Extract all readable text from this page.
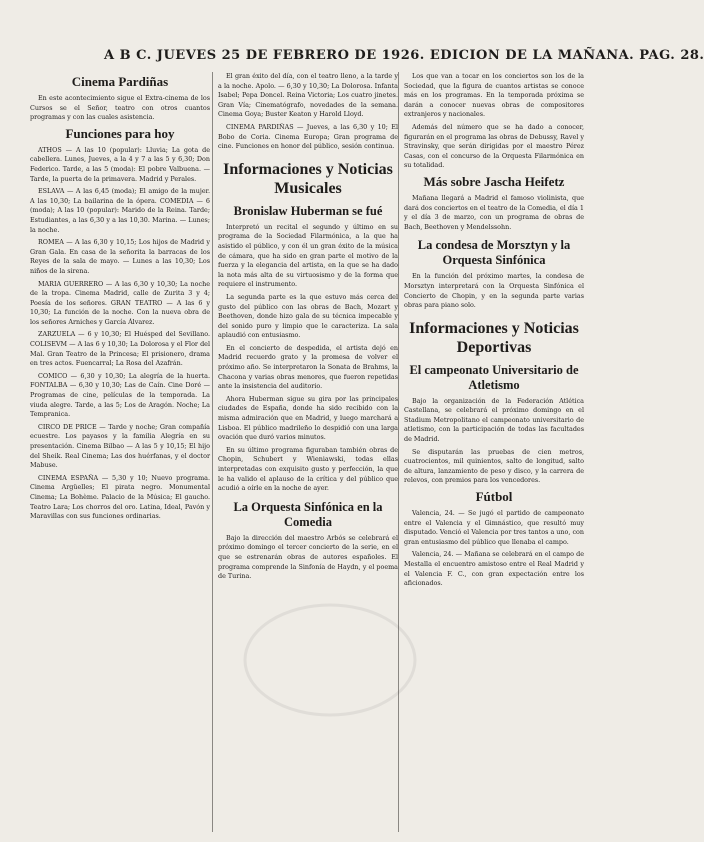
A B C. JUEVES 25 DE FEBRERO DE 1926. EDICION DE LA MAÑANA. PAG. 28.
Cinema Pardiñas
En este acontecimiento sigue el Extra-cinema de los Cursos se el Señor, teatro con otros cuantos programas y con las cuales asistencia.
Funciones para hoy
ATHOS — A las 10 (popular): Lluvia; La gota de cabellera. Lunes, Jueves, a la 4 y 7 a las 5 y 6,30; Don Federico. Tarde, a las 5 (moda): El pobre Valbuena. — Tarde, la puerta de la primavera. Madrid y Perales.
ESLAVA — A las 6,45 (moda); El amigo de la mujer. A las 10,30; La bailarina de la ópera. COMEDIA — 6 (moda); A las 10 (popular): Marido de la Reina. Tarde; Estudiantes, a las 6,30 y a las 10,30. Marina. — Lunes; la noche.
ROMEA — A las 6,30 y 10,15; Los hijos de Madrid y Gran Gala. En casa de la señorita la barracas de los Reyes de la sala de mayo. — Lunes a las 10,30; Los niños de la sirena.
MARIA GUERRERO — A las 6,30 y 10,30; La noche de la tropa. Cinema Madrid, calle de Zurita 3 y 4; Poesía de los señores. GRAN TEATRO — A las 6 y 10,30; La función de la noche. Con la nueva obra de los señores Arniches y García Álvarez.
ZARZUELA — 6 y 10,30; El Huésped del Sevillano. COLISEVM — A las 6 y 10,30; La Dolorosa y el Flor del Mal. Gran Teatro de la Princesa; El prisionero, drama en tres actos. Fuencarral; La Rosa del Azafrán.
COMICO — 6,30 y 10,30; La alegría de la huerta. FONTALBA — 6,30 y 10,30; Las de Caín. Cine Doré — Programas de cine, películas de la temporada. La viuda alegre. Tarde, a las 5; Los de Aragón. Noche; La Tempranica.
CIRCO DE PRICE — Tarde y noche; Gran compañía ecuestre. Los payasos y la familia Alegría en su presentación. Cinema Bilbao — A las 5 y 10,15; El hijo del Sheik. Real Cinema; Las dos huérfanas, y el doctor Mabuse.
CINEMA ESPAÑA — 5,30 y 10; Nuevo programa. Cinema Argüelles; El pirata negro. Monumental Cinema; La Bohème. Palacio de la Música; El gaucho. Teatro Lara; Los chorros del oro. Latina, Ideal, Pavón y Maravillas con sus funciones ordinarias.
El gran éxito del día, con el teatro lleno, a la tarde y a la noche. Apolo. — 6,30 y 10,30; La Dolorosa. Infanta Isabel; Pepa Doncel. Reina Victoria; Los cuatro jinetes. Gran Vía; Cinematógrafo, novedades de la semana. Cinema Goya; Buster Keaton y Harold Lloyd.
CINEMA PARDIÑAS — Jueves, a las 6,30 y 10; El Bobo de Coria. Cinema Europa; Gran programa de cine. Funciones en honor del público, sesión continua.
Informaciones y Noticias Musicales
Bronislaw Huberman se fué
Interpretó un recital el segundo y último en su programa de la Sociedad Filarmónica, a la que ha asistido el público, y con él un gran éxito de la música de cámara, que ha sido en gran parte el motivo de la fuerza y la elegancia del artista, en la que se ha dado la nota más alta de su virtuosismo y de la forma que requiere el instrumento.
La segunda parte es la que estuvo más cerca del gusto del público con las obras de Bach, Mozart y Beethoven, donde hizo gala de su técnica impecable y del sonido puro y limpio que le caracteriza. La sala aplaudió con entusiasmo.
En el concierto de despedida, el artista dejó en Madrid recuerdo grato y la promesa de volver el próximo año. Se interpretaron la Sonata de Brahms, la Chacona y varias obras menores, que fueron repetidas ante la insistencia del auditorio.
Ahora Huberman sigue su gira por las principales ciudades de España, donde ha sido recibido con la misma admiración que en Madrid, y luego marchará a Lisboa. El público madrileño lo despidió con una larga ovación que duró varios minutos.
En su último programa figuraban también obras de Chopin, Schubert y Wieniawski, todas ellas interpretadas con exquisito gusto y perfección, la que le ha valido el aplauso de la crítica y del público que acudió a oírle en la noche de ayer.
La Orquesta Sinfónica en la Comedia
Bajo la dirección del maestro Arbós se celebrará el próximo domingo el tercer concierto de la serie, en el que se estrenarán obras de autores españoles. El programa comprende la Sinfonía de Haydn, y el poema de Turina.
Los que van a tocar en los conciertos son los de la Sociedad, que la figura de cuantos artistas se conoce más en los programas. En la temporada próxima se darán a conocer nuevas obras de compositores extranjeros y nacionales.
Además del número que se ha dado a conocer, figurarán en el programa las obras de Debussy, Ravel y Stravinsky, que serán dirigidas por el maestro Pérez Casas, con el concurso de la Orquesta Filarmónica en su totalidad.
Más sobre Jascha Heifetz
Mañana llegará a Madrid el famoso violinista, que dará dos conciertos en el teatro de la Comedia, el día 1 y el día 3 de marzo, con un programa de obras de Bach, Beethoven y Mendelssohn.
La condesa de Morsztyn y la Orquesta Sinfónica
En la función del próximo martes, la condesa de Morsztyn interpretará con la Orquesta Sinfónica el Concierto de Chopin, y en la segunda parte varias obras para piano solo.
Informaciones y Noticias Deportivas
El campeonato Universitario de Atletismo
Bajo la organización de la Federación Atlética Castellana, se celebrará el próximo domingo en el Stadium Metropolitano el campeonato universitario de atletismo, con la participación de todas las facultades de Madrid.
Se disputarán las pruebas de cien metros, cuatrocientos, mil quinientos, salto de longitud, salto de altura, lanzamiento de peso y disco, y la carrera de relevos, con premios para los vencedores.
Fútbol
Valencia, 24. — Se jugó el partido de campeonato entre el Valencia y el Gimnástico, que resultó muy disputado. Venció el Valencia por tres tantos a uno, con gran entusiasmo del público que llenaba el campo.
Valencia, 24. — Mañana se celebrará en el campo de Mestalla el encuentro amistoso entre el Real Madrid y el Valencia F. C., con gran expectación entre los aficionados.
